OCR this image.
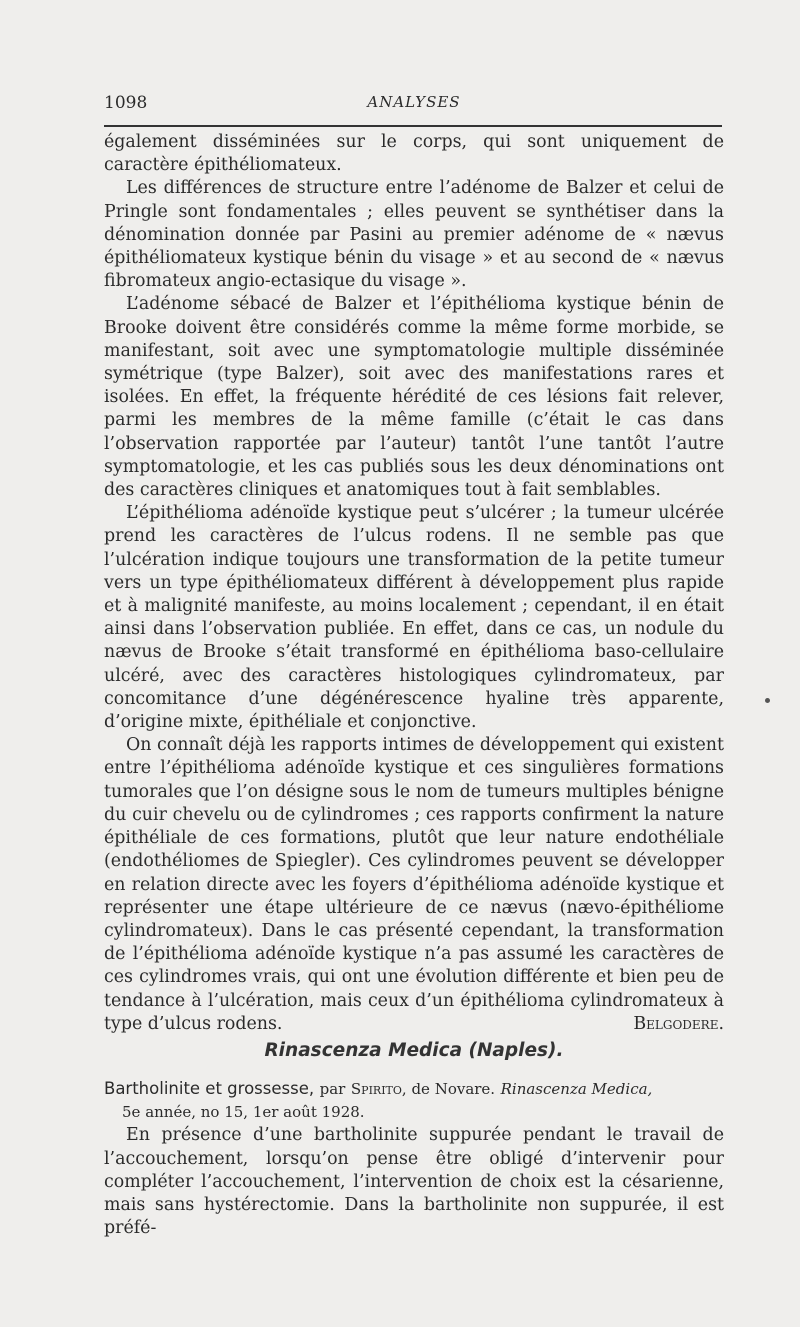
1098	ANALYSES

également disséminées sur le corps, qui sont uniquement de caractère épithéliomateux.

Les différences de structure entre l’adénome de Balzer et celui de Pringle sont fondamentales ; elles peuvent se synthétiser dans la dénomination donnée par Pasini au premier adénome de « nævus épithéliomateux kystique bénin du visage » et au second de « nævus fibromateux angio-ectasique du visage ».

L’adénome sébacé de Balzer et l’épithélioma kystique bénin de Brooke doivent être considérés comme la même forme morbide, se manifestant, soit avec une symptomatologie multiple disséminée symétrique (type Balzer), soit avec des manifestations rares et isolées. En effet, la fréquente hérédité de ces lésions fait relever, parmi les membres de la même famille (c’était le cas dans l’observation rapportée par l’auteur) tantôt l’une tantôt l’autre symptomatologie, et les cas publiés sous les deux dénominations ont des caractères cliniques et anatomiques tout à fait semblables.

L’épithélioma adénoïde kystique peut s’ulcérer ; la tumeur ulcérée prend les caractères de l’ulcus rodens. Il ne semble pas que l’ulcération indique toujours une transformation de la petite tumeur vers un type épithéliomateux différent à développement plus rapide et à malignité manifeste, au moins localement ; cependant, il en était ainsi dans l’observation publiée. En effet, dans ce cas, un nodule du nævus de Brooke s’était transformé en épithélioma baso-cellulaire ulcéré, avec des caractères histologiques cylindromateux, par concomitance d’une dégénérescence hyaline très apparente, d’origine mixte, épithéliale et conjonctive.

On connaît déjà les rapports intimes de développement qui existent entre l’épithélioma adénoïde kystique et ces singulières formations tumorales que l’on désigne sous le nom de tumeurs multiples bénigne du cuir chevelu ou de cylindromes ; ces rapports confirment la nature épithéliale de ces formations, plutôt que leur nature endothéliale (endothéliomes de Spiegler). Ces cylindromes peuvent se développer en relation directe avec les foyers d’épithélioma adénoïde kystique et représenter une étape ultérieure de ce nævus (nævo-épithéliome cylindromateux). Dans le cas présenté cependant, la transformation de l’épithélioma adénoïde kystique n’a pas assumé les caractères de ces cylindromes vrais, qui ont une évolution différente et bien peu de tendance à l’ulcération, mais ceux d’un épithélioma cylindromateux à type d’ulcus rodens.	Belgodere.

Rinascenza Medica (Naples).

Bartholinite et grossesse, par Spirito, de Novare. Rinascenza Medica,
5e année, no 15, 1er août 1928.

En présence d’une bartholinite suppurée pendant le travail de l’accouchement, lorsqu’on pense être obligé d’intervenir pour compléter l’accouchement, l’intervention de choix est la césarienne, mais sans hystérectomie. Dans la bartholinite non suppurée, il est préfé-
